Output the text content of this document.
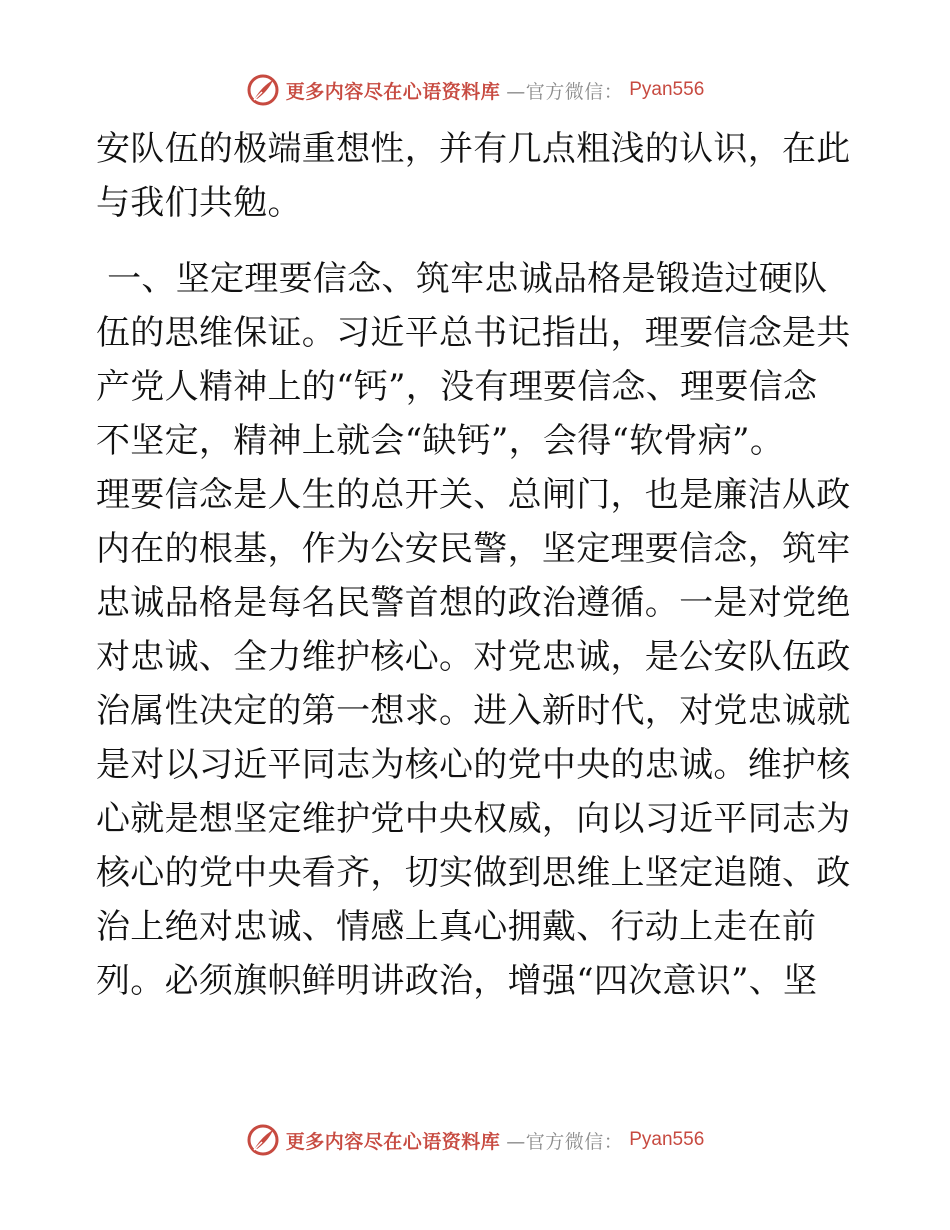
更多内容尽在心语资料库 —官方微信： Pyan556
安队伍的极端重想性，并有几点粗浅的认识，在此
与我们共勉。
一、坚定理要信念、筑牢忠诚品格是锻造过硬队
伍的思维保证。习近平总书记指出，理要信念是共
产党人精神上的“钙”，没有理要信念、理要信念
不坚定，精神上就会“缺钙”，会得“软骨病”。
理要信念是人生的总开关、总闸门，也是廉洁从政
内在的根基，作为公安民警，坚定理要信念，筑牢
忠诚品格是每名民警首想的政治遵循。一是对党绝
对忠诚、全力维护核心。对党忠诚，是公安队伍政
治属性决定的第一想求。进入新时代，对党忠诚就
是对以习近平同志为核心的党中央的忠诚。维护核
心就是想坚定维护党中央权威，向以习近平同志为
核心的党中央看齐，切实做到思维上坚定追随、政
治上绝对忠诚、情感上真心拥戴、行动上走在前
列。必须旗帜鲜明讲政治，增强“四次意识”、坚
更多内容尽在心语资料库 —官方微信： Pyan556
